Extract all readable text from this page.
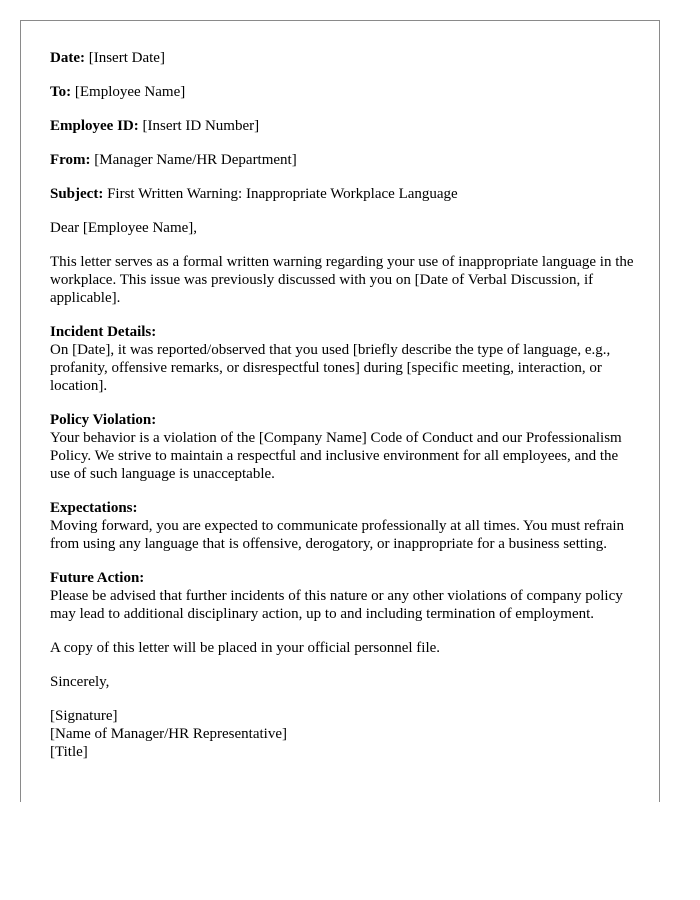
Date: [Insert Date]
To: [Employee Name]
Employee ID: [Insert ID Number]
From: [Manager Name/HR Department]
Subject: First Written Warning: Inappropriate Workplace Language
Dear [Employee Name],
This letter serves as a formal written warning regarding your use of inappropriate language in the workplace. This issue was previously discussed with you on [Date of Verbal Discussion, if applicable].
Incident Details:
On [Date], it was reported/observed that you used [briefly describe the type of language, e.g., profanity, offensive remarks, or disrespectful tones] during [specific meeting, interaction, or location].
Policy Violation:
Your behavior is a violation of the [Company Name] Code of Conduct and our Professionalism Policy. We strive to maintain a respectful and inclusive environment for all employees, and the use of such language is unacceptable.
Expectations:
Moving forward, you are expected to communicate professionally at all times. You must refrain from using any language that is offensive, derogatory, or inappropriate for a business setting.
Future Action:
Please be advised that further incidents of this nature or any other violations of company policy may lead to additional disciplinary action, up to and including termination of employment.
A copy of this letter will be placed in your official personnel file.
Sincerely,
[Signature]
[Name of Manager/HR Representative]
[Title]
